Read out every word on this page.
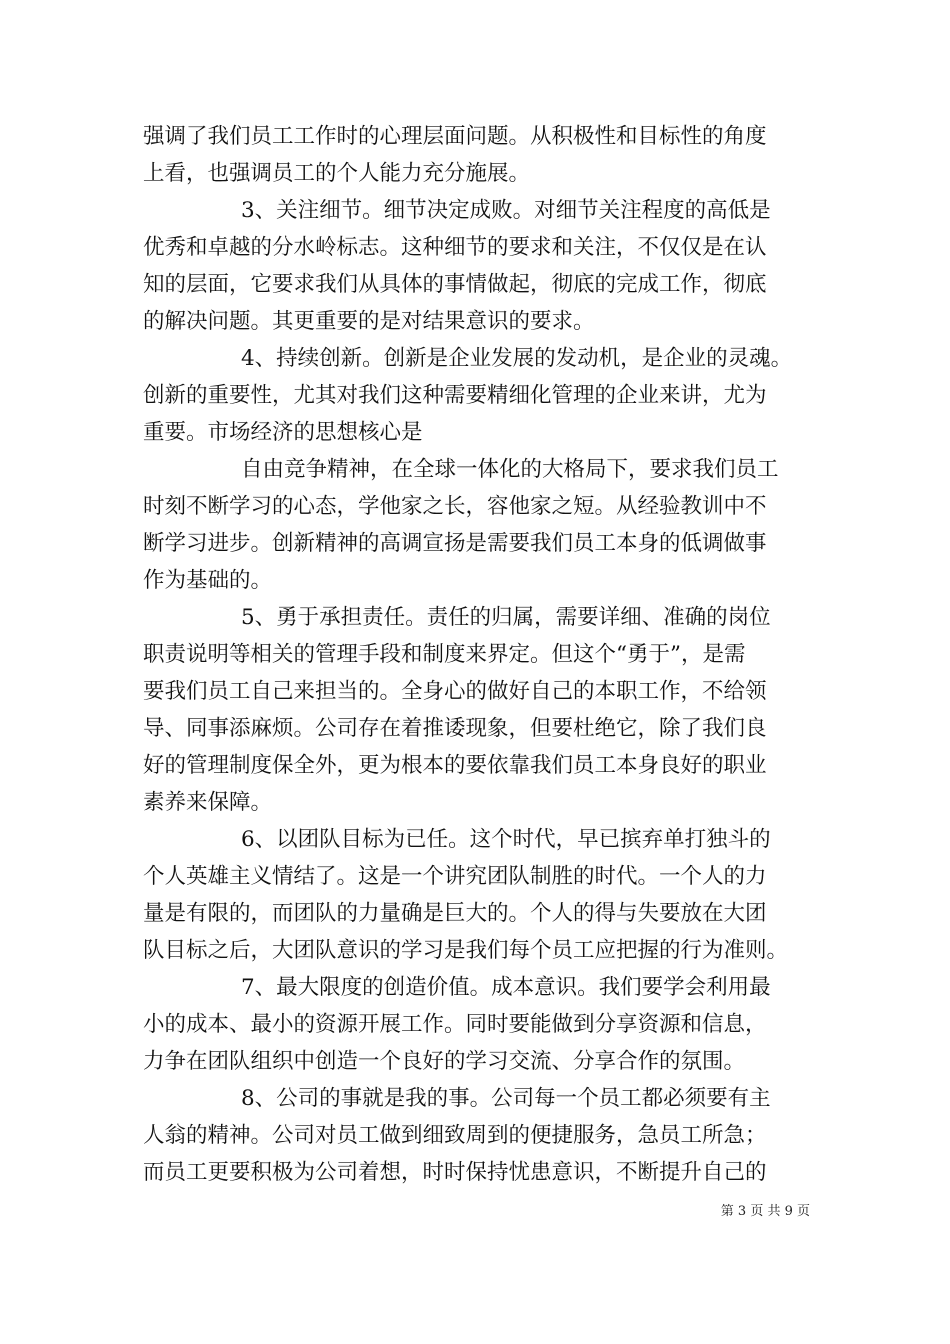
强调了我们员工工作时的心理层面问题。从积极性和目标性的角度
上看，也强调员工的个人能力充分施展。
3、关注细节。细节决定成败。对细节关注程度的高低是
优秀和卓越的分水岭标志。这种细节的要求和关注，不仅仅是在认
知的层面，它要求我们从具体的事情做起，彻底的完成工作，彻底
的解决问题。其更重要的是对结果意识的要求。
4、持续创新。创新是企业发展的发动机，是企业的灵魂。
创新的重要性，尤其对我们这种需要精细化管理的企业来讲，尤为
重要。市场经济的思想核心是
自由竞争精神，在全球一体化的大格局下，要求我们员工
时刻不断学习的心态，学他家之长，容他家之短。从经验教训中不
断学习进步。创新精神的高调宣扬是需要我们员工本身的低调做事
作为基础的。
5、勇于承担责任。责任的归属，需要详细、准确的岗位
职责说明等相关的管理手段和制度来界定。但这个“勇于”，是需
要我们员工自己来担当的。全身心的做好自己的本职工作，不给领
导、同事添麻烦。公司存在着推诿现象，但要杜绝它，除了我们良
好的管理制度保全外，更为根本的要依靠我们员工本身良好的职业
素养来保障。
6、以团队目标为已任。这个时代，早已摈弃单打独斗的
个人英雄主义情结了。这是一个讲究团队制胜的时代。一个人的力
量是有限的，而团队的力量确是巨大的。个人的得与失要放在大团
队目标之后，大团队意识的学习是我们每个员工应把握的行为准则。
7、最大限度的创造价值。成本意识。我们要学会利用最
小的成本、最小的资源开展工作。同时要能做到分享资源和信息，
力争在团队组织中创造一个良好的学习交流、分享合作的氛围。
8、公司的事就是我的事。公司每一个员工都必须要有主
人翁的精神。公司对员工做到细致周到的便捷服务，急员工所急；
而员工更要积极为公司着想，时时保持忧患意识，不断提升自己的
第 3 页 共 9 页
